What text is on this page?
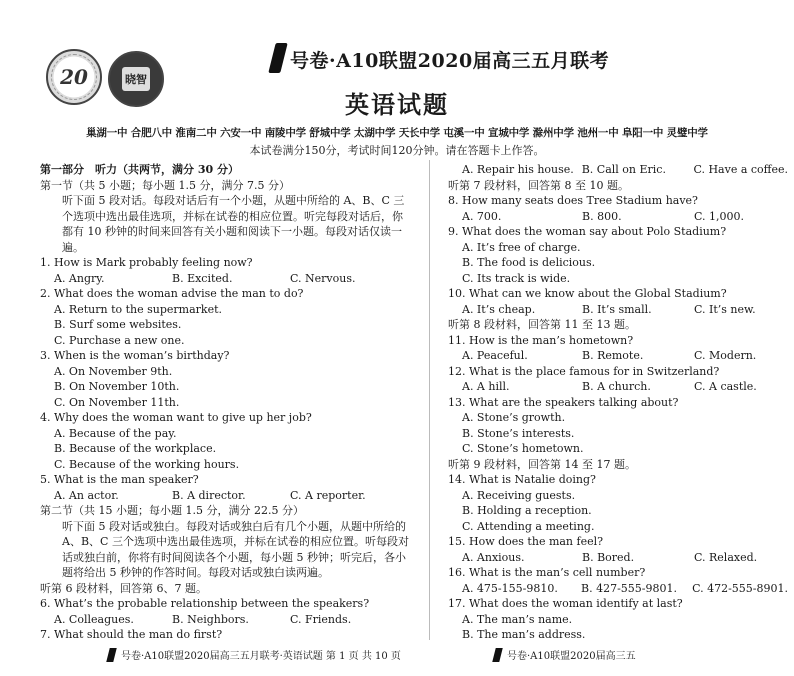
20	晓智
号卷·A10联盟2020届高三五月联考
英语试题
巢湖一中 合肥八中 淮南二中 六安一中 南陵中学 舒城中学 太湖中学 天长中学 屯溪一中 宣城中学 滁州中学 池州一中 阜阳一中 灵璧中学
本试卷满分150分，考试时间120分钟。请在答题卡上作答。
第一部分　听力（共两节，满分 30 分）
第一节（共 5 小题；每小题 1.5 分，满分 7.5 分）
听下面 5 段对话。每段对话后有一个小题，从题中所给的 A、B、C 三个选项中选出最佳选项，并标在试卷的相应位置。听完每段对话后，你都有 10 秒钟的时间来回答有关小题和阅读下一小题。每段对话仅读一遍。
1. How is Mark probably feeling now?
A. Angry.	B. Excited.	C. Nervous.
2. What does the woman advise the man to do?
A. Return to the supermarket.
B. Surf some websites.
C. Purchase a new one.
3. When is the woman’s birthday?
A. On November 9th.
B. On November 10th.
C. On November 11th.
4. Why does the woman want to give up her job?
A. Because of the pay.
B. Because of the workplace.
C. Because of the working hours.
5. What is the man speaker?
A. An actor.	B. A director.	C. A reporter.
第二节（共 15 小题；每小题 1.5 分，满分 22.5 分）
听下面 5 段对话或独白。每段对话或独白后有几个小题，从题中所给的 A、B、C 三个选项中选出最佳选项，并标在试卷的相应位置。听每段对话或独白前，你将有时间阅读各个小题，每小题 5 秒钟；听完后，各小题将给出 5 秒钟的作答时间。每段对话或独白读两遍。
听第 6 段材料，回答第 6、7 题。
6. What’s the probable relationship between the speakers?
A. Colleagues.	B. Neighbors.	C. Friends.
7. What should the man do first?
A. Repair his house. B. Call on Eric.	C. Have a coffee.
听第 7 段材料，回答第 8 至 10 题。
8. How many seats does Tree Stadium have?
A. 700.	B. 800.	C. 1,000.
9. What does the woman say about Polo Stadium?
A. It’s free of charge.
B. The food is delicious.
C. Its track is wide.
10. What can we know about the Global Stadium?
A. It’s cheap.	B. It’s small.	C. It’s new.
听第 8 段材料，回答第 11 至 13 题。
11. How is the man’s hometown?
A. Peaceful.	B. Remote.	C. Modern.
12. What is the place famous for in Switzerland?
A. A hill.	B. A church.	C. A castle.
13. What are the speakers talking about?
A. Stone’s growth.
B. Stone’s interests.
C. Stone’s hometown.
听第 9 段材料，回答第 14 至 17 题。
14. What is Natalie doing?
A. Receiving guests.
B. Holding a reception.
C. Attending a meeting.
15. How does the man feel?
A. Anxious.	B. Bored.	C. Relaxed.
16. What is the man’s cell number?
A. 475-155-9810.	B. 427-555-9801.	C. 472-555-8901.
17. What does the woman identify at last?
A. The man’s name.
B. The man’s address.
号卷·A10联盟2020届高三五月联考·英语试题 第 1 页 共 10 页	号卷·A10联盟2020届高三五
